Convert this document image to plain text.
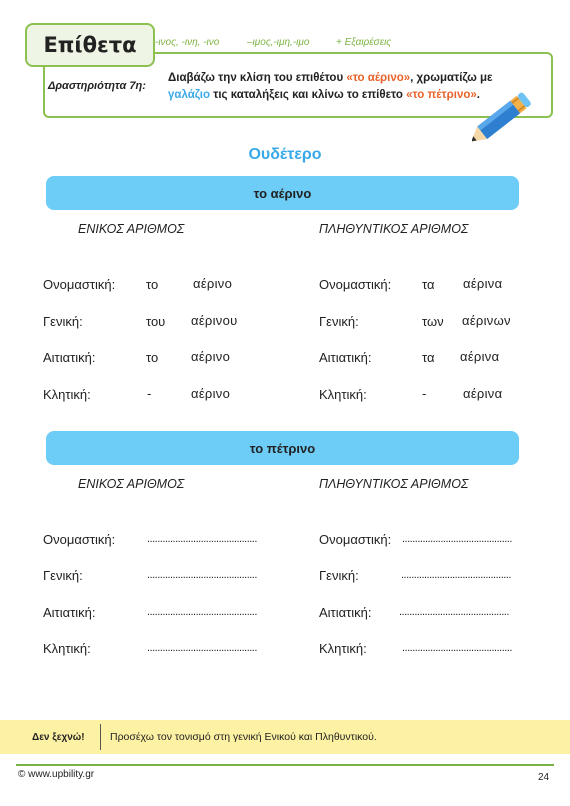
Επίθετα	-ινος, -ινη, -ινο	–ιμος,-ιμη,-ιμο	+ Εξαιρέσεις
Δραστηριότητα 7η:
Διαβάζω την κλίση του επιθέτου «το αέρινο», χρωματίζω με γαλάζιο τις καταλήξεις και κλίνω το επίθετο «το πέτρινο».
Ουδέτερο
το αέρινο
ΕΝΙΚΟΣ ΑΡΙΘΜΟΣ	ΠΛΗΘΥΝΤΙΚΟΣ ΑΡΙΘΜΟΣ
Ονομαστική: το	αέρινο	Ονομαστική: τα αέρινα
Γενική:	του αέρινου	Γενική:	των αέρινων
Αιτιατική:	το	αέρινο	Αιτιατική:	τα αέρινα
Κλητική:	-	αέρινο	Κλητική:	-	αέρινα
το πέτρινο
ΕΝΙΚΟΣ ΑΡΙΘΜΟΣ	ΠΛΗΘΥΝΤΙΚΟΣ ΑΡΙΘΜΟΣ
Ονομαστική:	...........................................	Ονομαστική: ...........................................
Γενική:	...........................................	Γενική:	...........................................
Αιτιατική:	...........................................	Αιτιατική:	...........................................
Κλητική:	...........................................	Κλητική:	...........................................
Δεν ξεχνώ! Προσέχω τον τονισμό στη γενική Ενικού και Πληθυντικού.
© www.upbility.gr	24
